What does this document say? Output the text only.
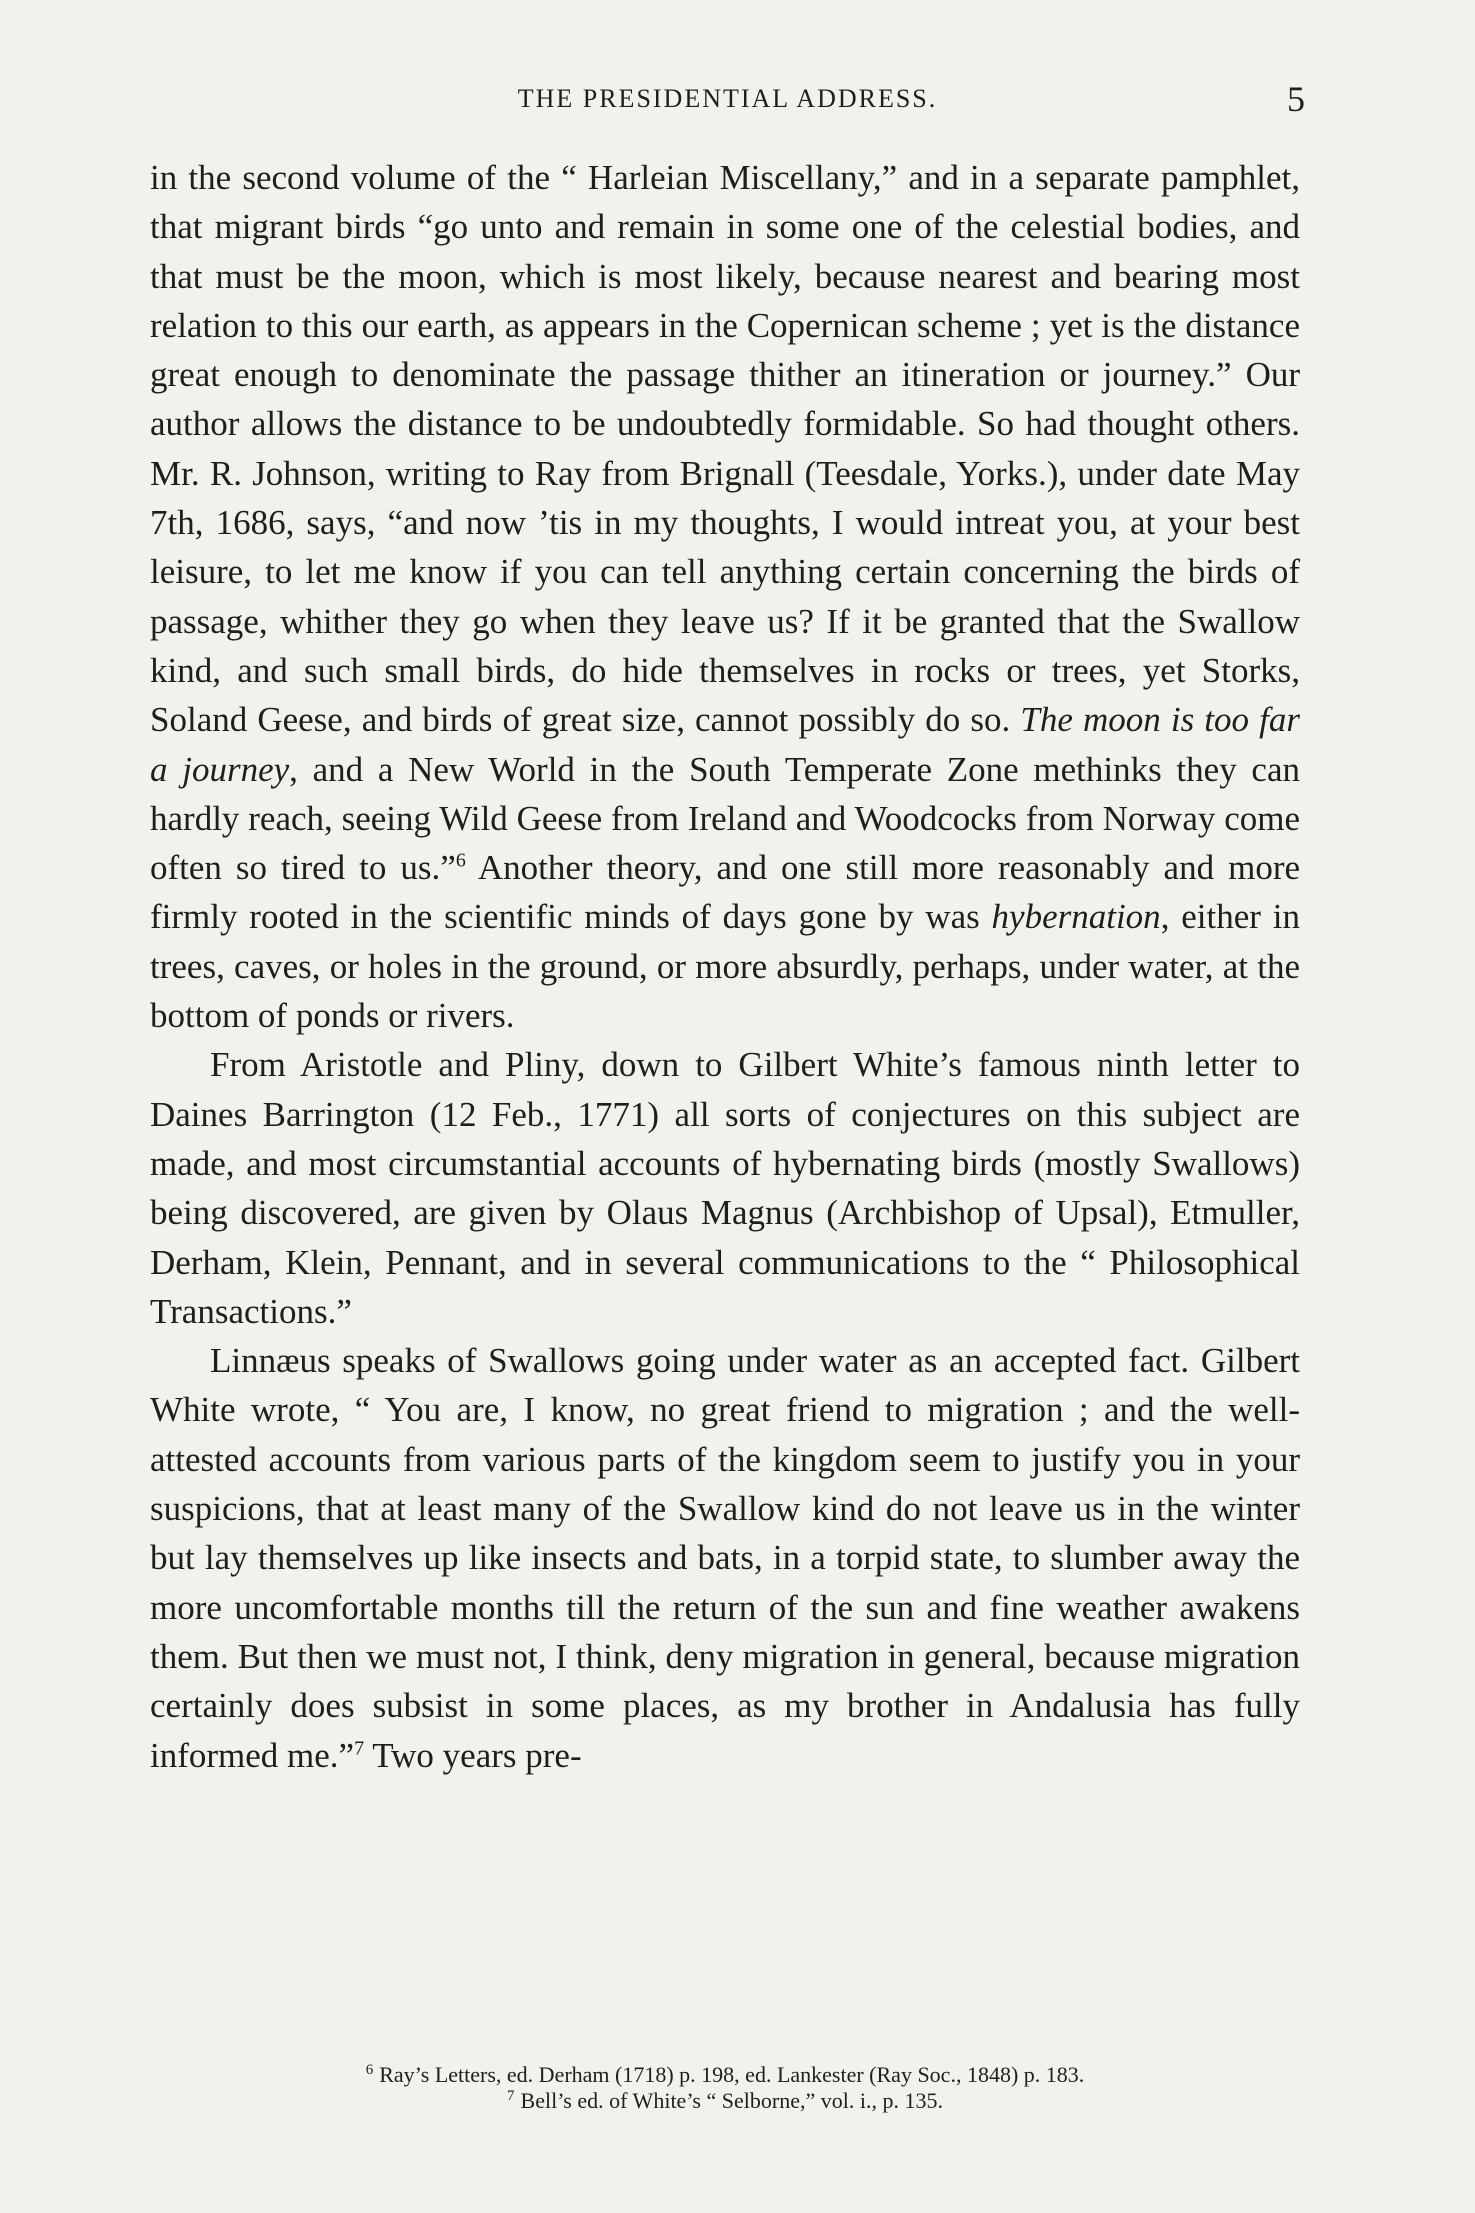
THE PRESIDENTIAL ADDRESS.	5

in the second volume of the “ Harleian Miscellany,” and in a separate pamphlet, that migrant birds “go unto and remain in some one of the celestial bodies, and that must be the moon, which is most likely, because nearest and bearing most relation to this our earth, as appears in the Copernican scheme ; yet is the distance great enough to denominate the passage thither an itineration or journey.” Our author allows the distance to be undoubtedly formidable. So had thought others. Mr. R. Johnson, writing to Ray from Brignall (Teesdale, Yorks.), under date May 7th, 1686, says, “and now ’tis in my thoughts, I would intreat you, at your best leisure, to let me know if you can tell anything certain concerning the birds of passage, whither they go when they leave us? If it be granted that the Swallow kind, and such small birds, do hide themselves in rocks or trees, yet Storks, Soland Geese, and birds of great size, cannot possibly do so. The moon is too far a journey, and a New World in the South Temperate Zone methinks they can hardly reach, seeing Wild Geese from Ireland and Woodcocks from Norway come often so tired to us.”$^6$ Another theory, and one still more reasonably and more firmly rooted in the scientific minds of days gone by was hybernation, either in trees, caves, or holes in the ground, or more absurdly, perhaps, under water, at the bottom of ponds or rivers.

From Aristotle and Pliny, down to Gilbert White’s famous ninth letter to Daines Barrington (12 Feb., 1771) all sorts of conjectures on this subject are made, and most circumstantial accounts of hybernating birds (mostly Swallows) being discovered, are given by Olaus Magnus (Archbishop of Upsal), Etmuller, Derham, Klein, Pennant, and in several communications to the “ Philosophical Transactions.”

Linnæus speaks of Swallows going under water as an accepted fact. Gilbert White wrote, “ You are, I know, no great friend to migration ; and the well-attested accounts from various parts of the kingdom seem to justify you in your suspicions, that at least many of the Swallow kind do not leave us in the winter but lay themselves up like insects and bats, in a torpid state, to slumber away the more uncomfortable months till the return of the sun and fine weather awakens them. But then we must not, I think, deny migration in general, because migration certainly does subsist in some places, as my brother in Andalusia has fully informed me.”$^7$ Two years pre-

$^6$ Ray’s Letters, ed. Derham (1718) p. 198, ed. Lankester (Ray Soc., 1848) p. 183.
$^7$ Bell’s ed. of White’s “ Selborne,” vol. i., p. 135.
